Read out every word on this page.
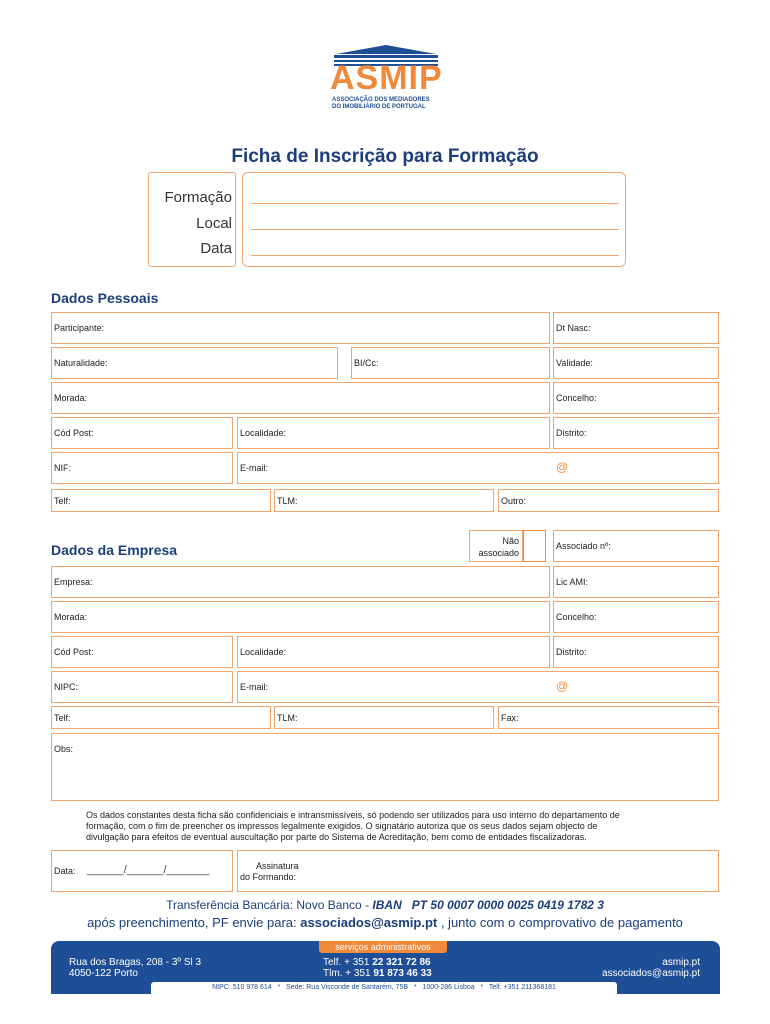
ASMIP
ASSOCIAÇÃO DOS MEDIADORES
DO IMOBILIÁRIO DE PORTUGAL
Ficha de Inscrição para Formação
Formação
Local
Data
Dados Pessoais
Participante:	Dt Nasc:
Naturalidade:	BI/Cc:	Validade:
Morada:	Concelho:
Cód Post:	Localidade:	Distrito:
NIF:	E-mail:	@
Telf:	TLM:	Outro:
Dados da Empresa
Não
associado
Associado nº:
Empresa:	Lic AMI:
Morada:	Concelho:
Cód Post:	Localidade:	Distrito:
NIPC:	E-mail:	@
Telf:	TLM:	Fax:
Obs:
Os dados constantes desta ficha são confidenciais e intransmissíveis, só podendo ser utilizados para uso interno do departamento de
formação, com o fim de preencher os impressos legalmente exigidos. O signatário autoriza que os seus dados sejam objecto de
divulgação para efeitos de eventual auscultação por parte do Sistema de Acreditação, bem como de entidades fiscalizadoras.
Data: ______/______/_______	Assinatura
do Formando:
Transferência Bancária: Novo Banco - IBAN PT 50 0007 0000 0025 0419 1782 3
após preenchimento, PF envie para: associados@asmip.pt , junto com o comprovativo de pagamento
serviços administrativos
Rua dos Bragas, 208 - 3º Sl 3
4050-122 Porto
Telf. + 351 22 321 72 86
Tlm. + 351 91 873 46 33
asmip.pt
associados@asmip.pt
NIPC: 510 978 614   *   Sede: Rua Visconde de Santarém, 75B   *   1000-286 Lisboa   *   Telf. +351 211368181
